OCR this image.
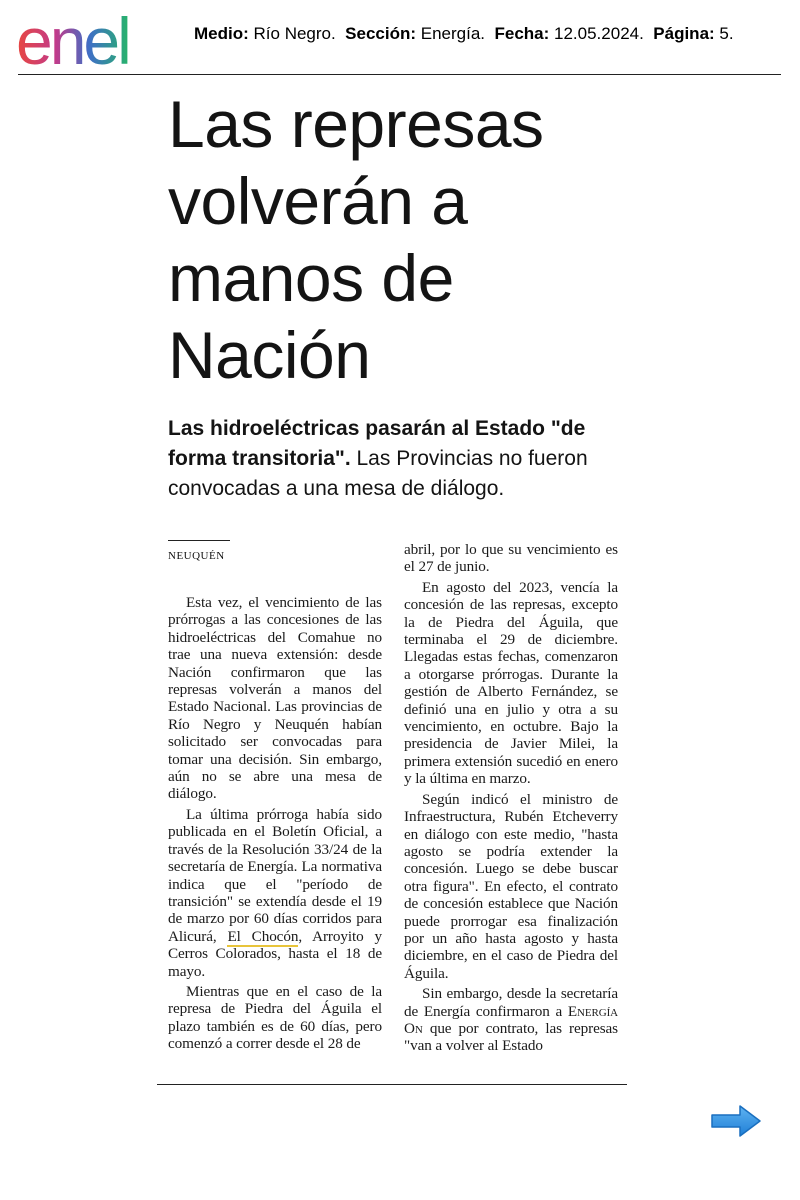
enel	Medio: Río Negro. Sección: Energía. Fecha: 12.05.2024. Página: 5.
Las represas
volverán a
manos de
Nación

Las hidroeléctricas pasarán al Estado "de forma transitoria". Las Provincias no fueron convocadas a una mesa de diálogo.

NEUQUÉN

Esta vez, el vencimiento de las prórrogas a las concesiones de las hidroeléctricas del Comahue no trae una nueva extensión: desde Nación confirmaron que las represas volverán a manos del Estado Nacional. Las provincias de Río Negro y Neuquén habían solicitado ser convocadas para tomar una decisión. Sin embargo, aún no se abre una mesa de diálogo.

La última prórroga había sido publicada en el Boletín Oficial, a través de la Resolución 33/24 de la secretaría de Energía. La normativa indica que el "período de transición" se extendía desde el 19 de marzo por 60 días corridos para Alicurá, El Chocón, Arroyito y Cerros Colorados, hasta el 18 de mayo.

Mientras que en el caso de la represa de Piedra del Águila el plazo también es de 60 días, pero comenzó a correr desde el 28 de

abril, por lo que su vencimiento es el 27 de junio.

En agosto del 2023, vencía la concesión de las represas, excepto la de Piedra del Águila, que terminaba el 29 de diciembre. Llegadas estas fechas, comenzaron a otorgarse prórrogas. Durante la gestión de Alberto Fernández, se definió una en julio y otra a su vencimiento, en octubre. Bajo la presidencia de Javier Milei, la primera extensión sucedió en enero y la última en marzo.

Según indicó el ministro de Infraestructura, Rubén Etcheverry en diálogo con este medio, "hasta agosto se podría extender la concesión. Luego se debe buscar otra figura". En efecto, el contrato de concesión establece que Nación puede prorrogar esa finalización por un año hasta agosto y hasta diciembre, en el caso de Piedra del Águila.

Sin embargo, desde la secretaría de Energía confirmaron a Energía On que por contrato, las represas "van a volver al Estado
